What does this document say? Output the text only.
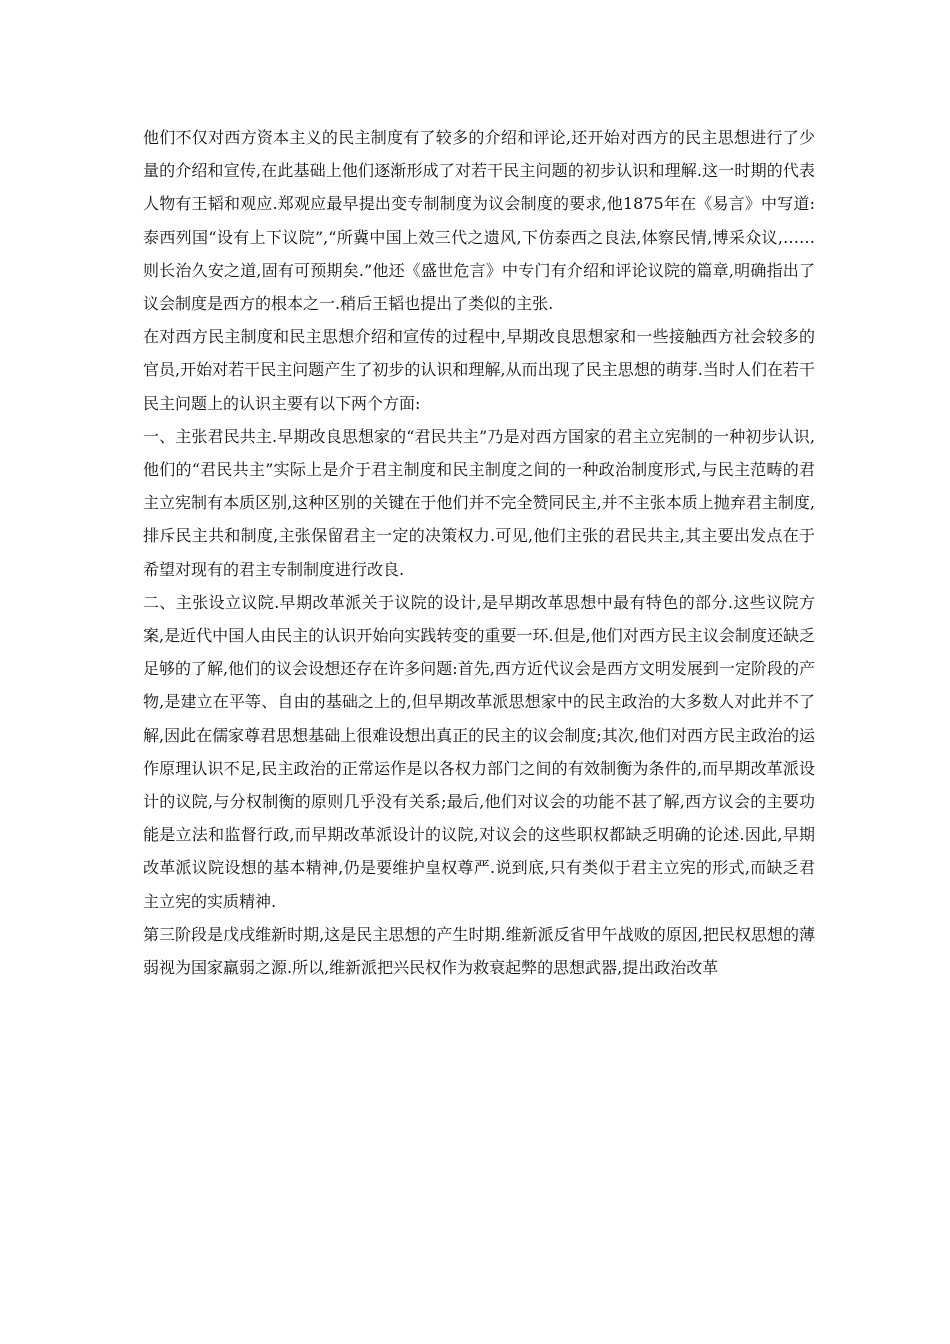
他们不仅对西方资本主义的民主制度有了较多的介绍和评论,还开始对西方的民主思想进行了少量的介绍和宣传,在此基础上他们逐渐形成了对若干民主问题的初步认识和理解.这一时期的代表人物有王韬和观应.郑观应最早提出变专制制度为议会制度的要求,他1875年在《易言》中写道:泰西列国“设有上下议院”,“所冀中国上效三代之遗风,下仿泰西之良法,体察民情,博采众议,……则长治久安之道,固有可预期矣.”他还《盛世危言》中专门有介绍和评论议院的篇章,明确指出了议会制度是西方的根本之一.稍后王韬也提出了类似的主张.

在对西方民主制度和民主思想介绍和宣传的过程中,早期改良思想家和一些接触西方社会较多的官员,开始对若干民主问题产生了初步的认识和理解,从而出现了民主思想的萌芽.当时人们在若干民主问题上的认识主要有以下两个方面:

一、主张君民共主.早期改良思想家的“君民共主”乃是对西方国家的君主立宪制的一种初步认识,他们的“君民共主”实际上是介于君主制度和民主制度之间的一种政治制度形式,与民主范畴的君主立宪制有本质区别,这种区别的关键在于他们并不完全赞同民主,并不主张本质上抛弃君主制度,排斥民主共和制度,主张保留君主一定的决策权力.可见,他们主张的君民共主,其主要出发点在于希望对现有的君主专制制度进行改良.

二、主张设立议院.早期改革派关于议院的设计,是早期改革思想中最有特色的部分.这些议院方案,是近代中国人由民主的认识开始向实践转变的重要一环.但是,他们对西方民主议会制度还缺乏足够的了解,他们的议会设想还存在许多问题:首先,西方近代议会是西方文明发展到一定阶段的产物,是建立在平等、自由的基础之上的,但早期改革派思想家中的民主政治的大多数人对此并不了解,因此在儒家尊君思想基础上很难设想出真正的民主的议会制度;其次,他们对西方民主政治的运作原理认识不足,民主政治的正常运作是以各权力部门之间的有效制衡为条件的,而早期改革派设计的议院,与分权制衡的原则几乎没有关系;最后,他们对议会的功能不甚了解,西方议会的主要功能是立法和监督行政,而早期改革派设计的议院,对议会的这些职权都缺乏明确的论述.因此,早期改革派议院设想的基本精神,仍是要维护皇权尊严.说到底,只有类似于君主立宪的形式,而缺乏君主立宪的实质精神.

第三阶段是戊戌维新时期,这是民主思想的产生时期.维新派反省甲午战败的原因,把民权思想的薄弱视为国家羸弱之源.所以,维新派把兴民权作为救衰起弊的思想武器,提出政治改革
